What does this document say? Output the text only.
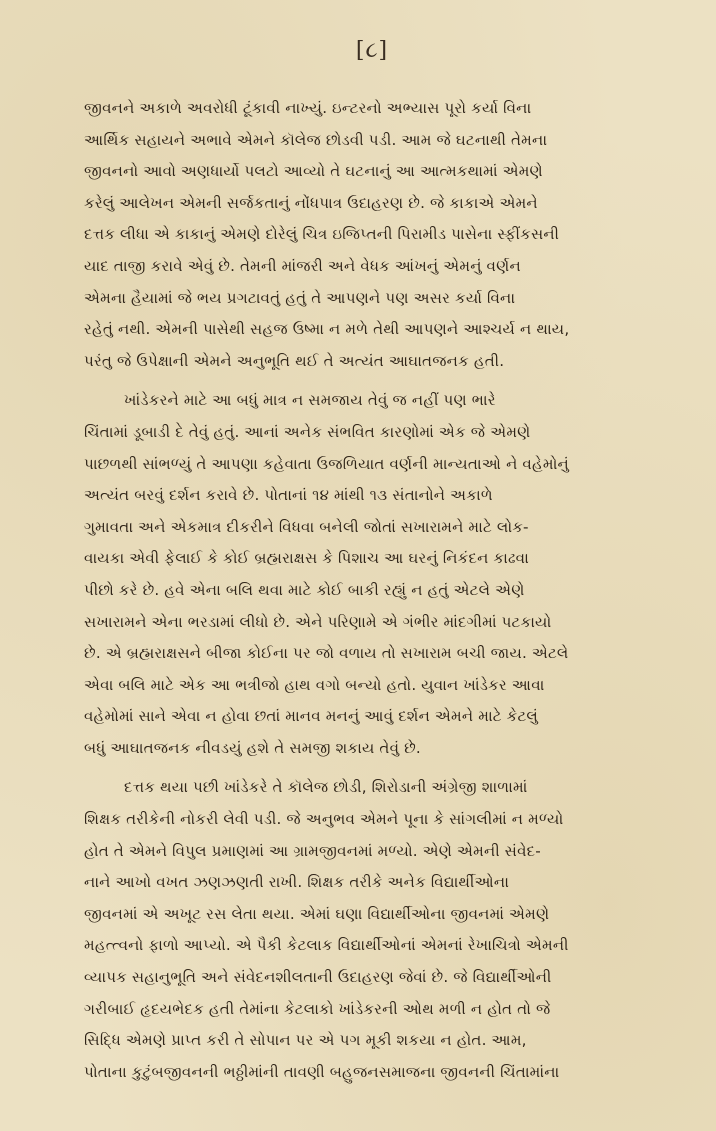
[૮]
જીવનને અકાળે અવરોધી ટૂંકાવી નાખ્યું. ઇન્ટરનો અભ્યાસ પૂરો કર્યા વિના
આર્થિક સહાયને અભાવે એમને કૉલેજ છોડવી પડી. આમ જે ઘટનાથી તેમના
જીવનનો આવો અણધાર્યો પલટો આવ્યો તે ઘટનાનું આ આત્મકથામાં એમણે
કરેલું આલેખન એમની સર્જકતાનું નોંધપાત્ર ઉદાહરણ છે. જે કાકાએ એમને
દત્તક લીધા એ કાકાનું એમણે દોરેલું ચિત્ર ઇજિપ્તની પિરામીડ પાસેના સ્ફીંકસની
યાદ તાજી કરાવે એવું છે. તેમની માંજરી અને વેધક આંખનું એમનું વર્ણન
એમના હૈયામાં જે ભય પ્રગટાવતું હતું તે આપણને પણ અસર કર્યા વિના
રહેતું નથી. એમની પાસેથી સહજ ઉષ્મા ન મળે તેથી આપણને આશ્ચર્ય ન થાય,
પરંતુ જે ઉપેક્ષાની એમને અનુભૂતિ થઈ તે અત્યંત આઘાતજનક હતી.
ખાંડેકરને માટે આ બધું માત્ર ન સમજાય તેવું જ નહીં પણ ભારે
ચિંતામાં ડૂબાડી દે તેવું હતું. આનાં અનેક સંભવિત કારણોમાં એક જે એમણે
પાછળથી સાંભળ્યું તે આપણા કહેવાતા ઉજળિયાત વર્ણની માન્યતાઓ ને વહેમોનું
અત્યંત બરવું દર્શન કરાવે છે. પોતાનાં ૧૪ માંથી ૧૩ સંતાનોને અકાળે
ગુમાવતા અને એકમાત્ર દીકરીને વિધવા બનેલી જોતાં સખારામને માટે લોક-
વાયકા એવી ફેલાઈ કે કોઈ બ્રહ્મરાક્ષસ કે પિશાચ આ ઘરનું નિકંદન કાઢવા
પીછો કરે છે. હવે એના બલિ થવા માટે કોઈ બાકી રહ્યું ન હતું એટલે એણે
સખારામને એના ભરડામાં લીધો છે. એને પરિણામે એ ગંભીર માંદગીમાં પટકાયો
છે. એ બ્રહ્મરાક્ષસને બીજા કોઈના પર જો વળાય તો સખારામ બચી જાય. એટલે
એવા બલિ માટે એક આ ભત્રીજો હાથ વગો બન્યો હતો. યુવાન ખાંડેકર આવા
વહેમોમાં સાને એવા ન હોવા છતાં માનવ મનનું આવું દર્શન એમને માટે કેટલું
બધું આઘાતજનક નીવડયું હશે તે સમજી શકાય તેવું છે.
દત્તક થયા પછી ખાંડેકરે તે કૉલેજ છોડી, શિરોડાની અંગ્રેજી શાળામાં
શિક્ષક તરીકેની નોકરી લેવી પડી. જે અનુભવ એમને પૂના કે સાંગલીમાં ન મળ્યો
હોત તે એમને વિપુલ પ્રમાણમાં આ ગ્રામજીવનમાં મળ્યો. એણે એમની સંવેદ-
નાને આખો વખત ઝણઝણતી રાખી. શિક્ષક તરીકે અનેક વિદ્યાર્થીઓના
જીવનમાં એ અખૂટ રસ લેતા થયા. એમાં ઘણા વિદ્યાર્થીઓના જીવનમાં એમણે
મહત્ત્વનો ફાળો આપ્યો. એ પૈકી કેટલાક વિદ્યાર્થીઓનાં એમનાં રેખાચિત્રો એમની
વ્યાપક સહાનુભૂતિ અને સંવેદનશીલતાની ઉદાહરણ જેવાં છે. જે વિદ્યાર્થીઓની
ગરીબાઈ હૃદયભેદક હતી તેમાંના કેટલાકો ખાંડેકરની ઓથ મળી ન હોત તો જે
સિદ્ધિ એમણે પ્રાપ્ત કરી તે સોપાન પર એ પગ મૂકી શકયા ન હોત. આમ,
પોતાના કુટુંબજીવનની ભઠ્ઠીમાંની તાવણી બહુજનસમાજના જીવનની ચિંતામાંના
